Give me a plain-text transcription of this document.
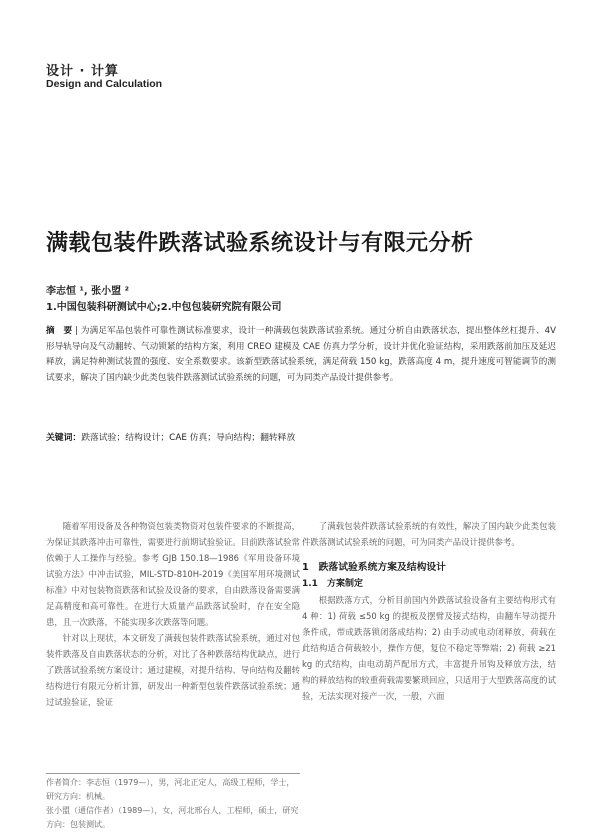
设计 · 计算
Design and Calculation
满载包装件跌落试验系统设计与有限元分析
李志恒 ¹, 张小盟 ²
1.中国包装科研测试中心;2.中包包装研究院有限公司
摘　要 | 为满足军品包装件可靠性测试标准要求，设计一种满载包装跌落试验系统。通过分析自由跌落状态，提出整体丝杠提升、4V 形导轨导向及气动翻转、气动锁紧的结构方案，利用 CREO 建模及 CAE 仿真力学分析，设计并优化验证结构，采用跌落前加压及延迟释放，满足特种测试装置的强度、安全系数要求。该新型跌落试验系统，满足荷载 150 kg，跌落高度 4 m，提升速度可智能调节的测试要求，解决了国内缺少此类包装件跌落测试试验系统的问题，可为同类产品设计提供参考。
关键词：跌落试验；结构设计；CAE 仿真；导向结构；翻转释放

随着军用设备及各种物资包装类物资对包装件要求的不断提高，为保证其跌落冲击可靠性，需要进行前期试验验证。目前跌落试验常依赖于人工操作与经验。参考 GJB 150.18—1986《军用设备环境试验方法》中冲击试验，MIL-STD-810H-2019《美国军用环境测试标准》中对包装物资跌落和试验及设备的要求，自由跌落设备需要满足高精度和高可靠性。在进行大质量产品跌落试验时，存在安全隐患，且一次跌落，不能实现多次跌落等问题。

针对以上现状，本文研发了满载包装件跌落试验系统，通过对包装件跌落及自由跌落状态的分析，对比了各种跌落结构优缺点，进行了跌落试验系统方案设计；通过建模，对提升结构、导向结构及翻转结构进行有限元分析计算，研发出一种新型包装件跌落试验系统；通过试验验证，验证

了满载包装件跌落试验系统的有效性，解决了国内缺少此类包装件跌落测试试验系统的问题，可为同类产品设计提供参考。

1　跌落试验系统方案及结构设计
1.1　方案制定

根据跌落方式，分析目前国内外跌落试验设备有主要结构形式有 4 种：1) 荷载 ≤50 kg 的提板及摆臂及接式结构，由翻车导动提升条件成，带成跌落锁闭落成结构；2) 由手动或电动闭释放，荷载在此结构适合荷载较小，操作方便，复位不稳定等弊端；2) 荷载 ≥21 kg 的式结构，由电动葫芦配吊方式，丰富提升吊钩及释放方法，结构的释放结构的较重荷载需要繁琐回应，只适用于大型跌落高度的试验，无法实现对接产一次，一般，六面

作者简介：李志恒（1979—），男，河北正定人，高级工程师，学士，研究方向：机械。
张小盟（通信作者）（1989—），女，河北邢台人，工程师，硕士，研究方向：包装测试。
